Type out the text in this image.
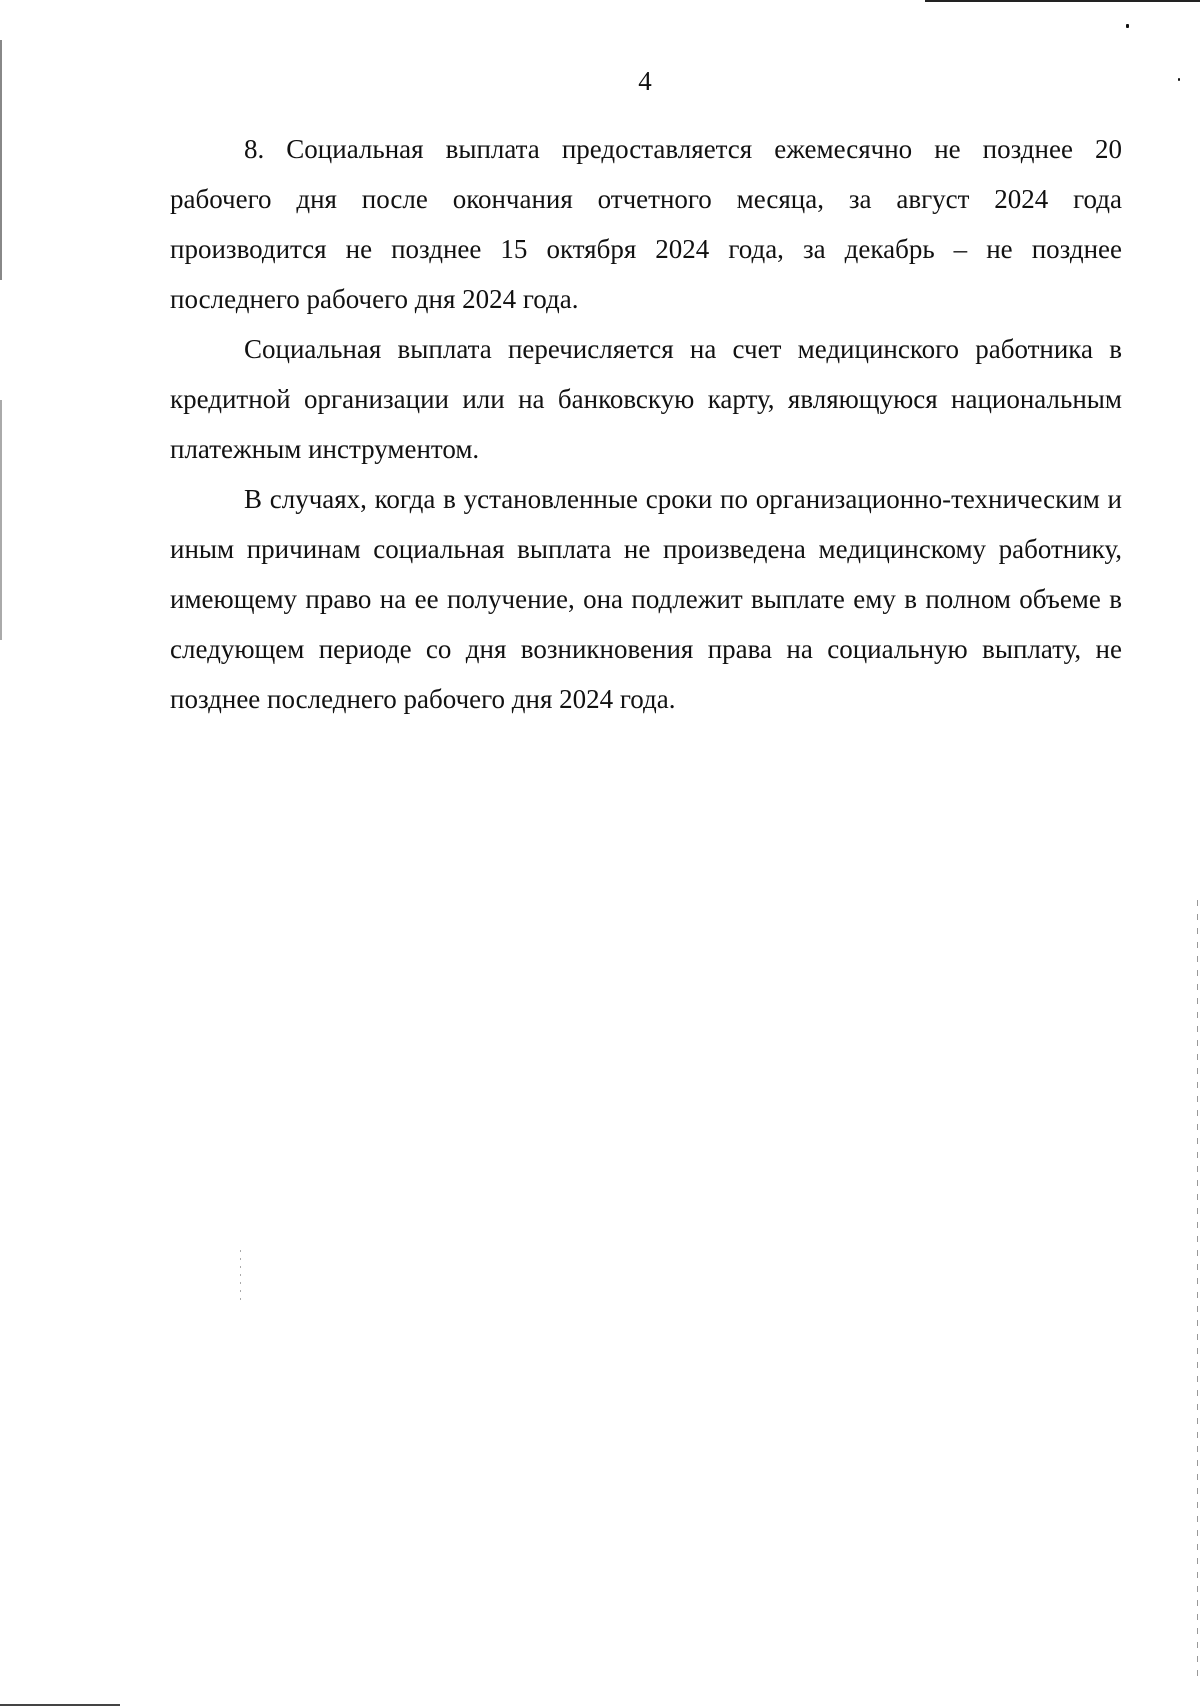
4

8. Социальная выплата предоставляется ежемесячно не позднее 20 рабочего дня после окончания отчетного месяца, за август 2024 года производится не позднее 15 октября 2024 года, за декабрь – не позднее последнего рабочего дня 2024 года.

Социальная выплата перечисляется на счет медицинского работника в кредитной организации или на банковскую карту, являющуюся национальным платежным инструментом.

В случаях, когда в установленные сроки по организационно-техническим и иным причинам социальная выплата не произведена медицинскому работнику, имеющему право на ее получение, она подлежит выплате ему в полном объеме в следующем периоде со дня возникновения права на социальную выплату, не позднее последнего рабочего дня 2024 года.
